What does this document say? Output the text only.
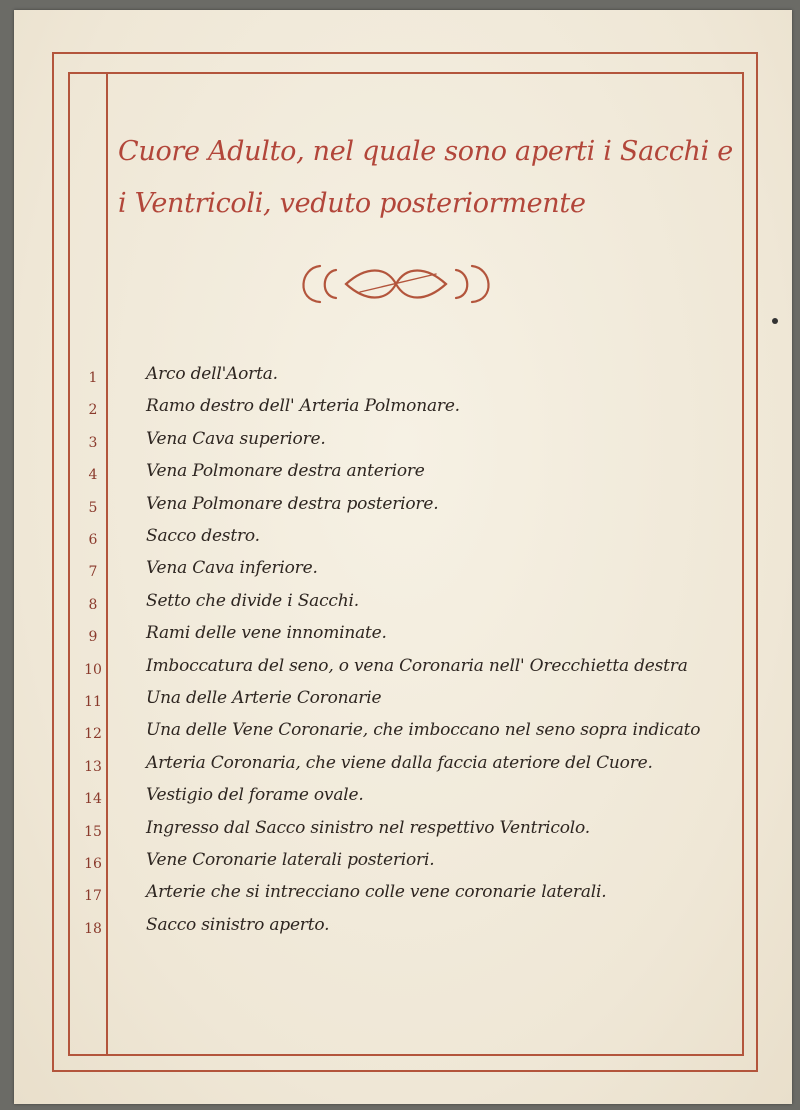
Cuore Adulto, nel quale sono aperti i Sacchi e i Ventricoli, veduto posteriormente
1	Arco dell'Aorta.
2	Ramo destro dell' Arteria Polmonare.
3	Vena Cava superiore.
4	Vena Polmonare destra anteriore
5	Vena Polmonare destra posteriore.
6	Sacco destro.
7	Vena Cava inferiore.
8	Setto che divide i Sacchi.
9	Rami delle vene innominate.
10	Imboccatura del seno, o vena Coronaria nell' Orecchietta destra
11	Una delle Arterie Coronarie
12	Una delle Vene Coronarie, che imboccano nel seno sopra indicato
13	Arteria Coronaria, che viene dalla faccia ateriore del Cuore.
14	Vestigio del forame ovale.
15	Ingresso dal Sacco sinistro nel respettivo Ventricolo.
16	Vene Coronarie laterali posteriori.
17	Arterie che si intrecciano colle vene coronarie laterali.
18	Sacco sinistro aperto.
